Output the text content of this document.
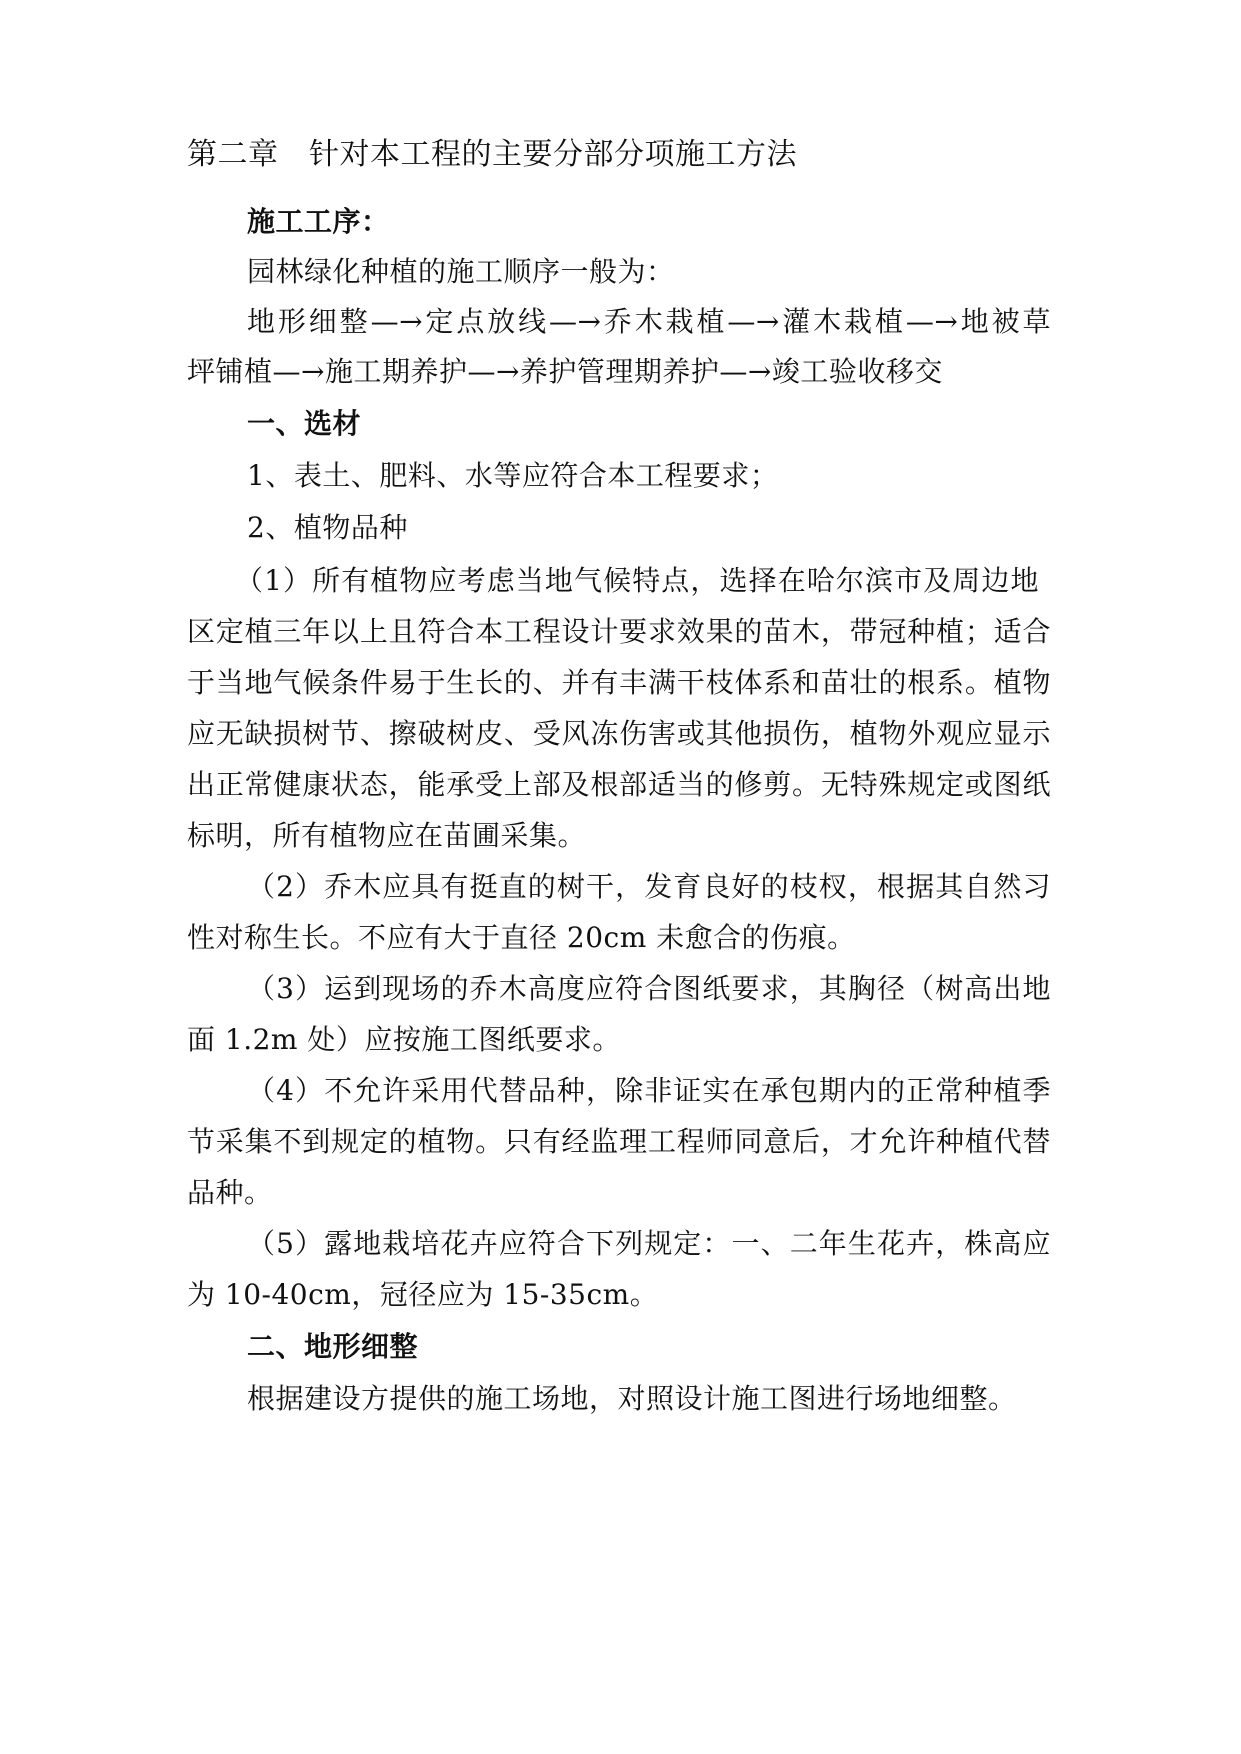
第二章　针对本工程的主要分部分项施工方法
施工工序：
园林绿化种植的施工顺序一般为：
地形细整—→定点放线—→乔木栽植—→灌木栽植—→地被草
坪铺植—→施工期养护—→养护管理期养护—→竣工验收移交
一、选材
1、表土、肥料、水等应符合本工程要求；
2、植物品种
（1）所有植物应考虑当地气候特点，选择在哈尔滨市及周边地
区定植三年以上且符合本工程设计要求效果的苗木，带冠种植；适合
于当地气候条件易于生长的、并有丰满干枝体系和苗壮的根系。植物
应无缺损树节、擦破树皮、受风冻伤害或其他损伤，植物外观应显示
出正常健康状态，能承受上部及根部适当的修剪。无特殊规定或图纸
标明，所有植物应在苗圃采集。
（2）乔木应具有挺直的树干，发育良好的枝杈，根据其自然习
性对称生长。不应有大于直径 20cm 未愈合的伤痕。
（3）运到现场的乔木高度应符合图纸要求，其胸径（树高出地
面 1.2m 处）应按施工图纸要求。
（4）不允许采用代替品种，除非证实在承包期内的正常种植季
节采集不到规定的植物。只有经监理工程师同意后，才允许种植代替
品种。
（5）露地栽培花卉应符合下列规定：一、二年生花卉，株高应
为 10-40cm，冠径应为 15-35cm。
二、地形细整
根据建设方提供的施工场地，对照设计施工图进行场地细整。
